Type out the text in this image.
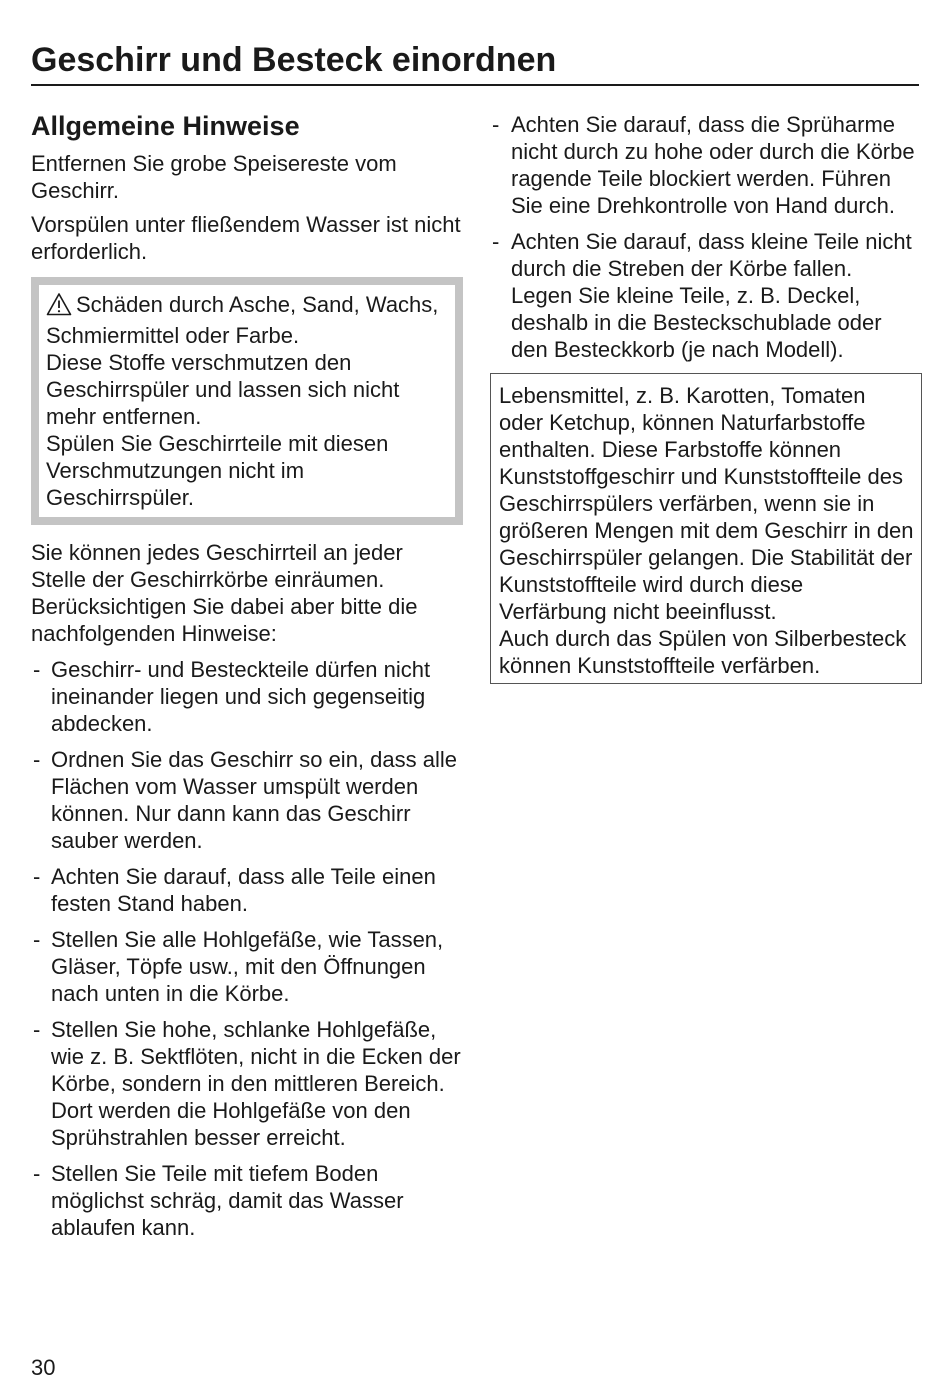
Geschirr und Besteck einordnen
Allgemeine Hinweise

Entfernen Sie grobe Speisereste vom Geschirr.

Vorspülen unter fließendem Wasser ist nicht erforderlich.

Schäden durch Asche, Sand, Wachs, Schmiermittel oder Farbe.

Diese Stoffe verschmutzen den Geschirrspüler und lassen sich nicht mehr entfernen.

Spülen Sie Geschirrteile mit diesen Verschmutzungen nicht im Geschirrspüler.

Sie können jedes Geschirrteil an jeder Stelle der Geschirrkörbe einräumen. Berücksichtigen Sie dabei aber bitte die nachfolgenden Hinweise:

- Geschirr- und Besteckteile dürfen nicht ineinander liegen und sich gegenseitig abdecken.
- Ordnen Sie das Geschirr so ein, dass alle Flächen vom Wasser umspült werden können. Nur dann kann das Geschirr sauber werden.
- Achten Sie darauf, dass alle Teile einen festen Stand haben.
- Stellen Sie alle Hohlgefäße, wie Tassen, Gläser, Töpfe usw., mit den Öffnungen nach unten in die Körbe.
- Stellen Sie hohe, schlanke Hohlgefäße, wie z. B. Sektflöten, nicht in die Ecken der Körbe, sondern in den mittleren Bereich. Dort werden die Hohlgefäße von den Sprühstrahlen besser erreicht.
- Stellen Sie Teile mit tiefem Boden möglichst schräg, damit das Wasser ablaufen kann.
- Achten Sie darauf, dass die Sprüharme nicht durch zu hohe oder durch die Körbe ragende Teile blockiert werden. Führen Sie eine Drehkontrolle von Hand durch.
- Achten Sie darauf, dass kleine Teile nicht durch die Streben der Körbe fallen.
Legen Sie kleine Teile, z. B. Deckel, deshalb in die Besteckschublade oder den Besteckkorb (je nach Modell).

Lebensmittel, z. B. Karotten, Tomaten oder Ketchup, können Naturfarbstoffe enthalten. Diese Farbstoffe können Kunststoffgeschirr und Kunststoffteile des Geschirrspülers verfärben, wenn sie in größeren Mengen mit dem Geschirr in den Geschirrspüler gelangen. Die Stabilität der Kunststoffteile wird durch diese Verfärbung nicht beeinflusst.

Auch durch das Spülen von Silberbesteck können Kunststoffteile verfärben.

30
